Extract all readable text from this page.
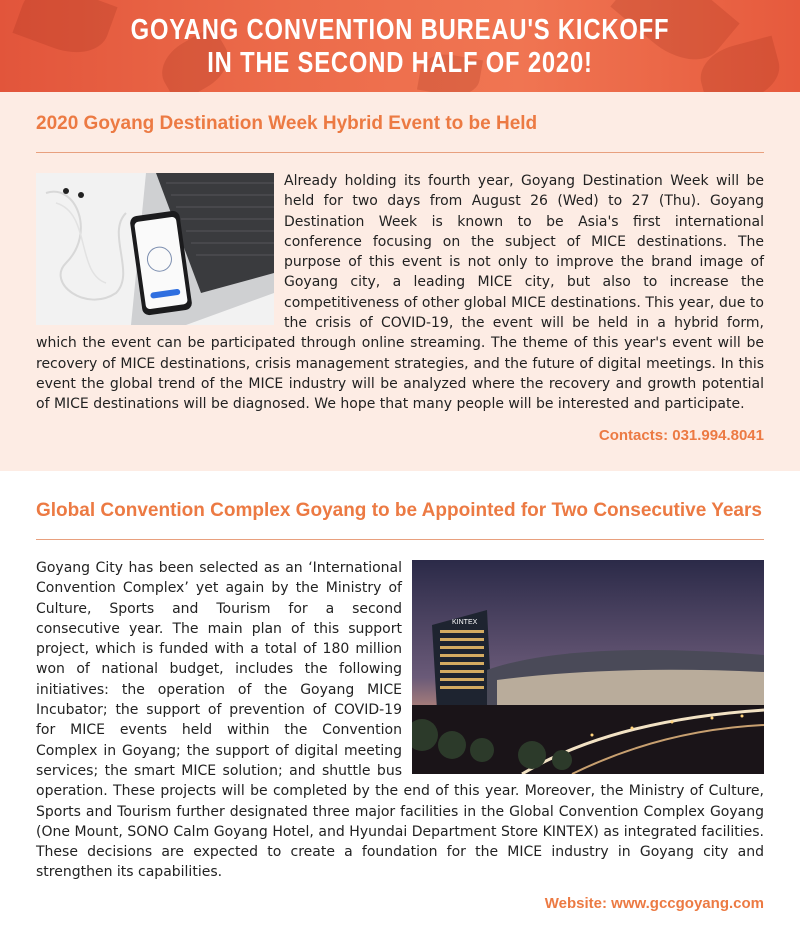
GOYANG CONVENTION BUREAU'S KICKOFF
IN THE SECOND HALF OF 2020!
2020 Goyang Destination Week Hybrid Event to be Held

Already holding its fourth year, Goyang Destination Week will be held for two days from August 26 (Wed) to 27 (Thu). Goyang Destination Week is known to be Asia's first international conference focusing on the subject of MICE destinations. The purpose of this event is not only to improve the brand image of Goyang city, a leading MICE city, but also to increase the competitiveness of other global MICE destinations. This year, due to the crisis of COVID-19, the event will be held in a hybrid form, which the event can be participated through online streaming. The theme of this year's event will be recovery of MICE destinations, crisis management strategies, and the future of digital meetings. In this event the global trend of the MICE industry will be analyzed where the recovery and growth potential of MICE destinations will be diagnosed. We hope that many people will be interested and participate.

Contacts: 031.994.8041
Global Convention Complex Goyang to be Appointed for Two Consecutive Years
KINTEX

Goyang City has been selected as an ‘International Convention Complex’ yet again by the Ministry of Culture, Sports and Tourism for a second consecutive year. The main plan of this support project, which is funded with a total of 180 million won of national budget, includes the following initiatives: the operation of the Goyang MICE Incubator; the support of prevention of COVID-19 for MICE events held within the Convention Complex in Goyang; the support of digital meeting services; the smart MICE solution; and shuttle bus operation. These projects will be completed by the end of this year. Moreover, the Ministry of Culture, Sports and Tourism further designated three major facilities in the Global Convention Complex Goyang (One Mount, SONO Calm Goyang Hotel, and Hyundai Department Store KINTEX) as integrated facilities. These decisions are expected to create a foundation for the MICE industry in Goyang city and strengthen its capabilities.

Website: www.gccgoyang.com
